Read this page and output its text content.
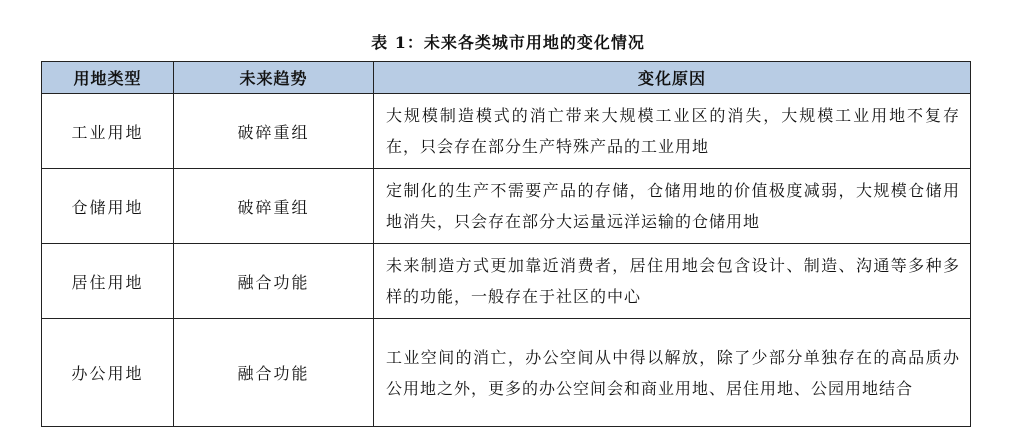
表 1：未来各类城市用地的变化情况
用地类型	未来趋势	变化原因
工业用地	破碎重组	大规模制造模式的消亡带来大规模工业区的消失，大规模工业用地不复存在，只会存在部分生产特殊产品的工业用地
仓储用地	破碎重组	定制化的生产不需要产品的存储，仓储用地的价值极度减弱，大规模仓储用地消失，只会存在部分大运量远洋运输的仓储用地
居住用地	融合功能	未来制造方式更加靠近消费者，居住用地会包含设计、制造、沟通等多种多样的功能，一般存在于社区的中心
办公用地	融合功能	工业空间的消亡，办公空间从中得以解放，除了少部分单独存在的高品质办公用地之外，更多的办公空间会和商业用地、居住用地、公园用地结合
